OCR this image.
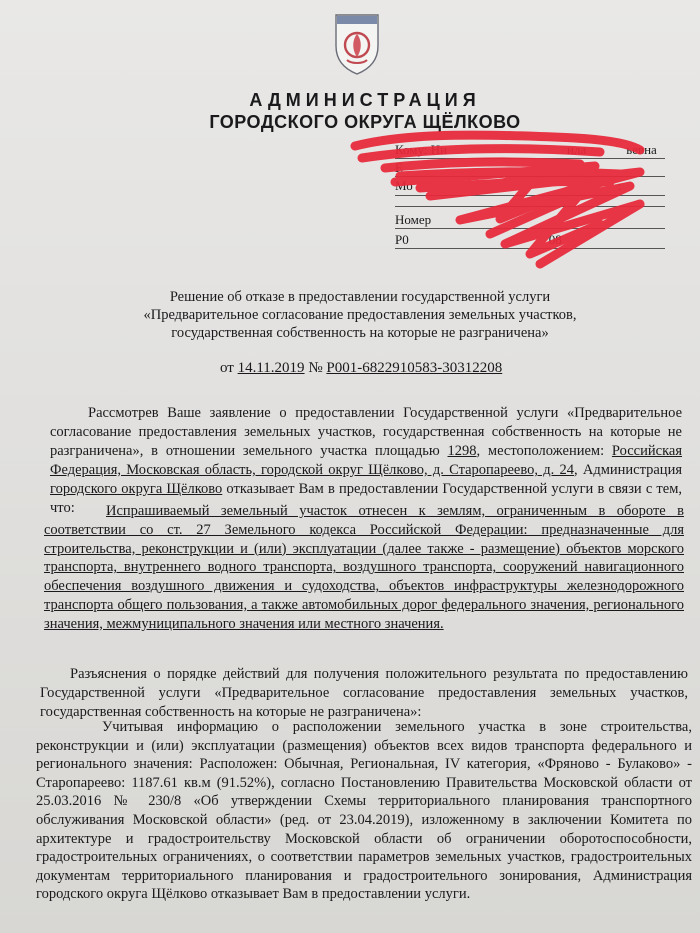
АДМИНИСТРАЦИЯ
ГОРОДСКОГО ОКРУГА ЩЁЛКОВО
Кому: Ни	ила	ьевна
Е
Мо	:
Номер
Р0	08
Решение об отказе в предоставлении государственной услуги
«Предварительное согласование предоставления земельных участков,
государственная собственность на которые не разграничена»
от 14.11.2019 № Р001-6822910583-30312208
Рассмотрев Ваше заявление о предоставлении Государственной услуги «Предварительное согласование предоставления земельных участков, государственная собственность на которые не разграничена», в отношении земельного участка площадью 1298, местоположением: Российская Федерация, Московская область, городской округ Щёлково, д. Старопареево, д. 24, Администрация городского округа Щёлково отказывает Вам в предоставлении Государственной услуги в связи с тем, что:	Испрашиваемый земельный участок отнесен к землям, ограниченным в обороте в соответствии со ст. 27 Земельного кодекса Российской Федерации: предназначенные для строительства, реконструкции и (или) эксплуатации (далее также - размещение) объектов морского транспорта, внутреннего водного транспорта, воздушного транспорта, сооружений навигационного обеспечения воздушного движения и судоходства, объектов инфраструктуры железнодорожного транспорта общего пользования, а также автомобильных дорог федерального значения, регионального значения, межмуниципального значения или местного значения.
Разъяснения о порядке действий для получения положительного результата по предоставлению Государственной услуги «Предварительное согласование предоставления земельных участков, государственная собственность на которые не разграничена»:
Учитывая информацию о расположении земельного участка в зоне строительства, реконструкции и (или) эксплуатации (размещения) объектов всех видов транспорта федерального и регионального значения: Расположен: Обычная, Региональная, IV категория, «Фряново - Булаково» - Старопареево: 1187.61 кв.м (91.52%), согласно Постановлению Правительства Московской области от 25.03.2016 № 230/8 «Об утверждении Схемы территориального планирования транспортного обслуживания Московской области» (ред. от 23.04.2019), изложенному в заключении Комитета по архитектуре и градостроительству Московской области об ограничении оборотоспособности, градостроительных ограничениях, о соответствии параметров земельных участков, градостроительных документам территориального планирования и градостроительного зонирования, Администрация городского округа Щёлково отказывает Вам в предоставлении услуги.
